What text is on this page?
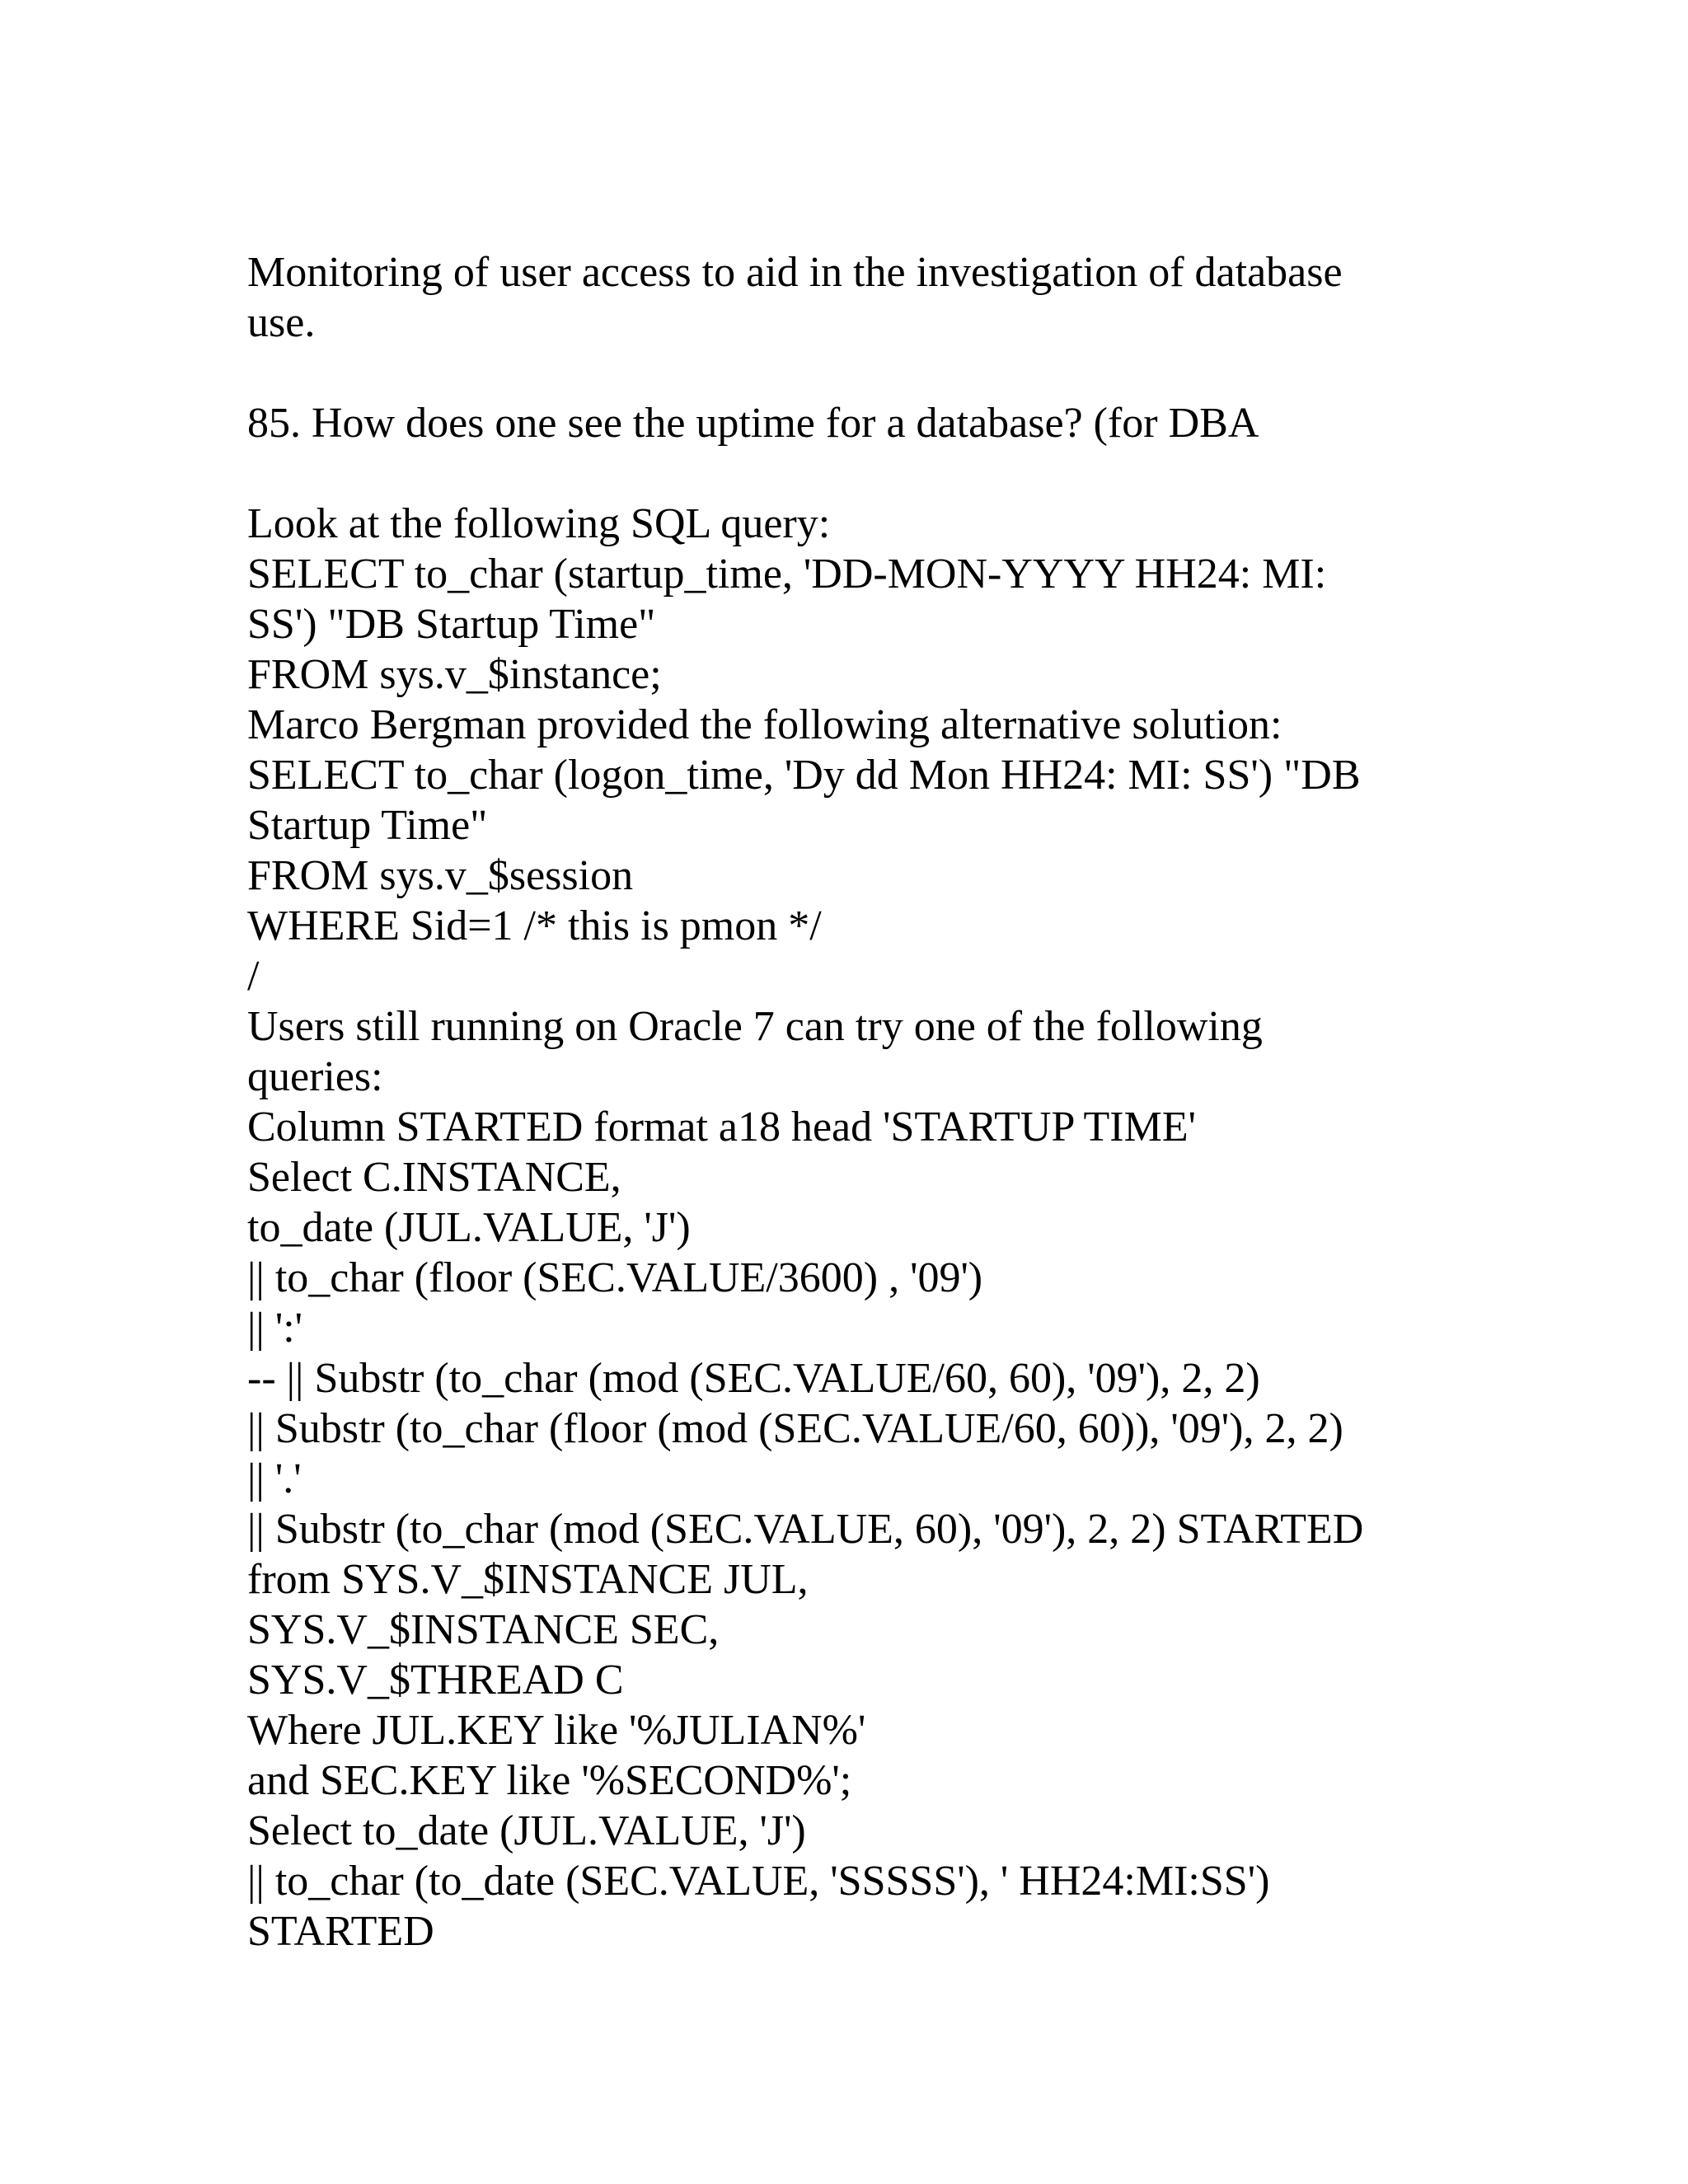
Monitoring of user access to aid in the investigation of database
use.
85. How does one see the uptime for a database? (for DBA
Look at the following SQL query:
SELECT to_char (startup_time, 'DD-MON-YYYY HH24: MI:
SS') "DB Startup Time"
FROM sys.v_$instance;
Marco Bergman provided the following alternative solution:
SELECT to_char (logon_time, 'Dy dd Mon HH24: MI: SS') "DB
Startup Time"
FROM sys.v_$session
WHERE Sid=1 /* this is pmon */
/
Users still running on Oracle 7 can try one of the following
queries:
Column STARTED format a18 head 'STARTUP TIME'
Select C.INSTANCE,
to_date (JUL.VALUE, 'J')
|| to_char (floor (SEC.VALUE/3600) , '09')
|| ':'
-- || Substr (to_char (mod (SEC.VALUE/60, 60), '09'), 2, 2)
|| Substr (to_char (floor (mod (SEC.VALUE/60, 60)), '09'), 2, 2)
|| '.'
|| Substr (to_char (mod (SEC.VALUE, 60), '09'), 2, 2) STARTED
from SYS.V_$INSTANCE JUL,
SYS.V_$INSTANCE SEC,
SYS.V_$THREAD C
Where JUL.KEY like '%JULIAN%'
and SEC.KEY like '%SECOND%';
Select to_date (JUL.VALUE, 'J')
|| to_char (to_date (SEC.VALUE, 'SSSSS'), ' HH24:MI:SS')
STARTED
